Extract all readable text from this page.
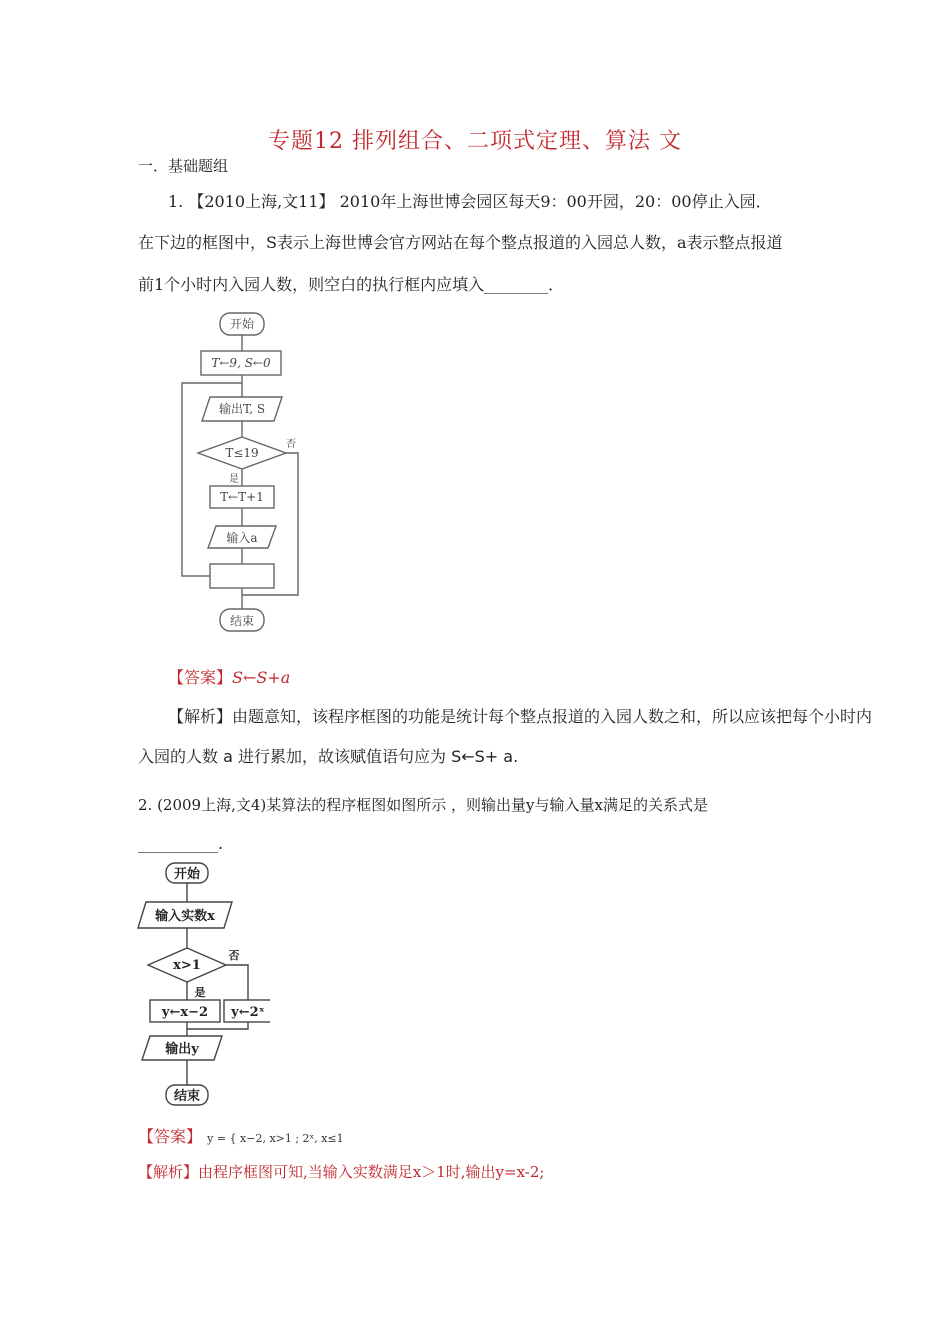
专题12 排列组合、二项式定理、算法 文
一．基础题组
1. 【2010上海,文11】 2010年上海世博会园区每天9：00开园，20：00停止入园．
在下边的框图中，S表示上海世博会官方网站在每个整点报道的入园总人数，a表示整点报道
前1个小时内入园人数，则空白的执行框内应填入________．
开始
T←9, S←0
输出T, S
T≤19
否
是
T←T+1
输入a
结束
【答案】S←S+a
【解析】由题意知，该程序框图的功能是统计每个整点报道的入园人数之和，所以应该把每个小时内
入园的人数 a 进行累加，故该赋值语句应为 S←S+ a.
2. (2009上海,文4)某算法的程序框图如图所示 ，则输出量y与输入量x满足的关系式是
__________.
开始
输入实数x
x>1
否
是
y←x−2 y←2ˣ
输出y
结束
【答案】 y = { x−2, x>1 ; 2ˣ, x≤1
【解析】由程序框图可知,当输入实数满足x＞1时,输出y=x-2;
